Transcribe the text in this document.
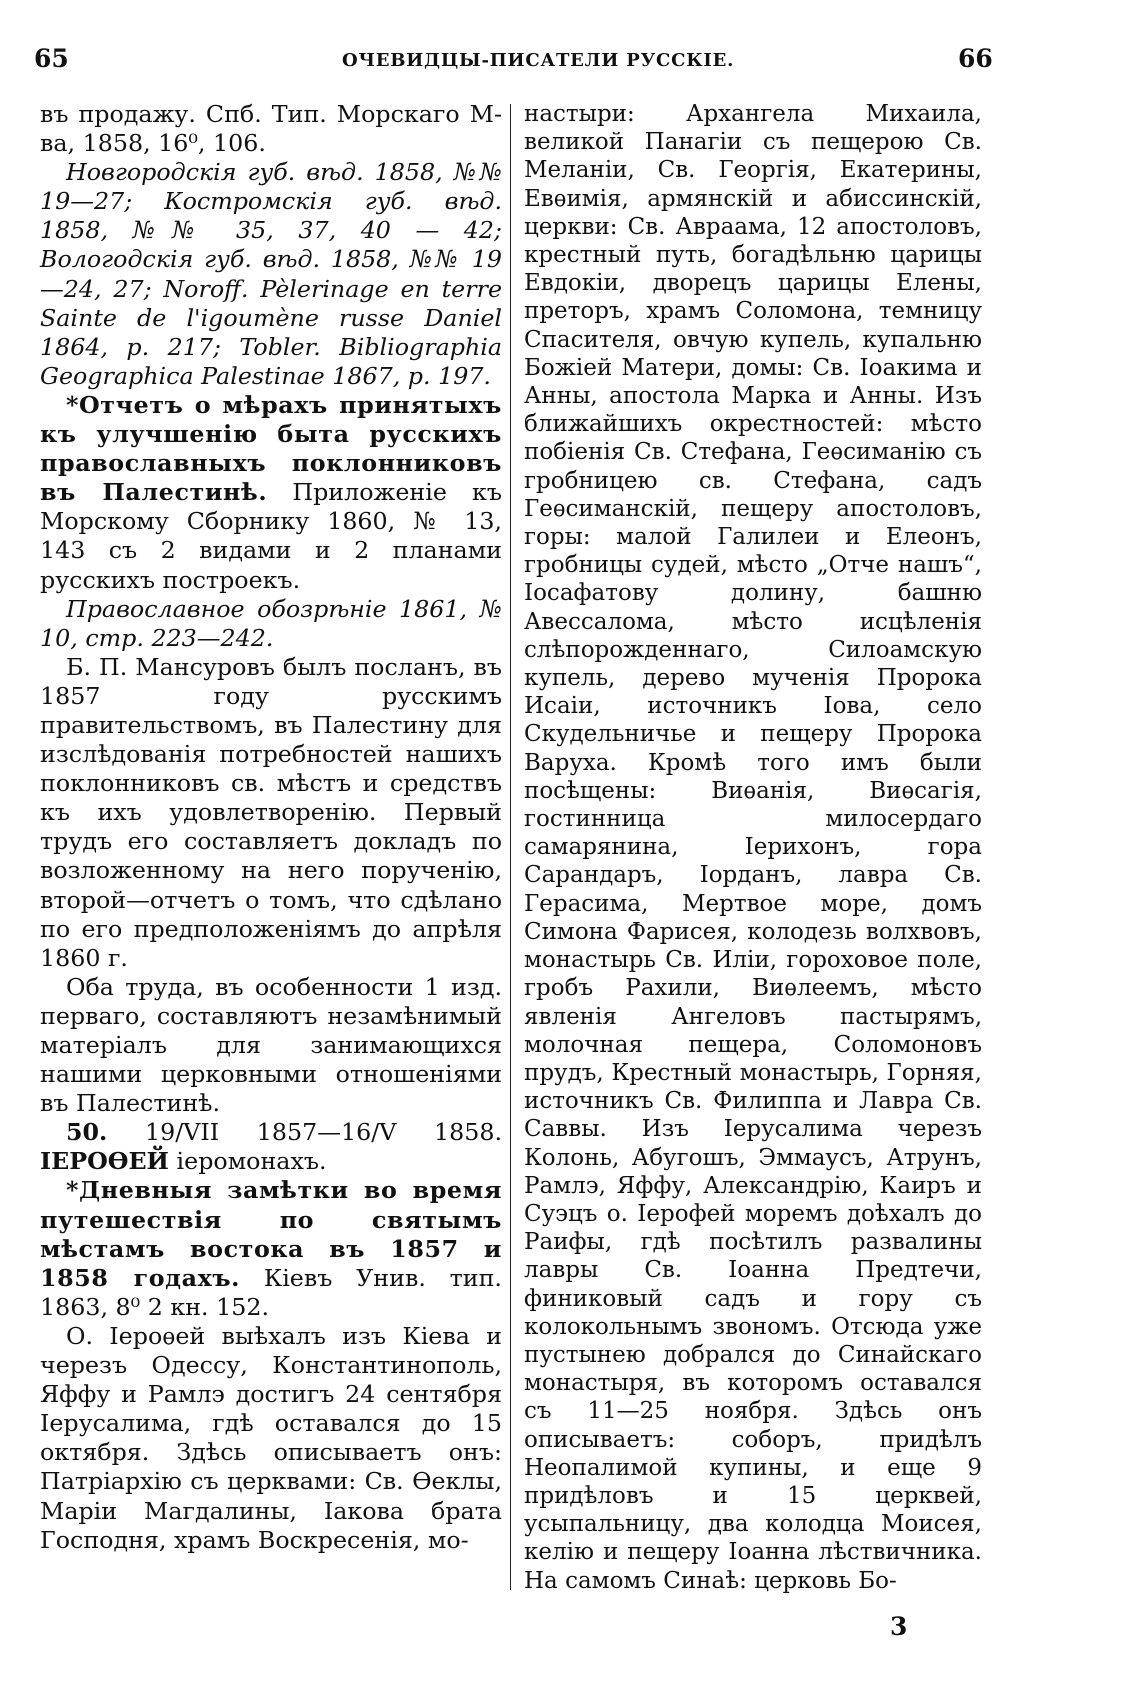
65	ОЧЕВИДЦЫ-ПИСАТЕЛИ РУССКІЕ.	66

въ продажу. Спб. Тип. Морскаго М-ва, 1858, 16⁰, 106.

Новгородскія губ. вѣд. 1858, №№ 19—27; Костромскія губ. вѣд. 1858, №№ 35, 37, 40 — 42; Вологодскія губ. вѣд. 1858, №№ 19—24, 27; Noroff. Pèlerinage en terre Sainte de l'igoumène russe Daniel 1864, p. 217; Tobler. Bibliographia Geographica Palestinae 1867, p. 197.

*Отчетъ о мѣрахъ принятыхъ къ улучшенію быта русскихъ православныхъ поклонниковъ въ Палестинѣ. Приложеніе къ Морскому Сборнику 1860, № 13, 143 съ 2 видами и 2 планами русскихъ построекъ.

Православное обозрѣніе 1861, № 10, стр. 223—242.

Б. П. Мансуровъ былъ посланъ, въ 1857 году русскимъ правительствомъ, въ Палестину для изслѣдованія потребностей нашихъ поклонниковъ св. мѣстъ и средствъ къ ихъ удовлетворенію. Первый трудъ его составляетъ докладъ по возложенному на него порученію, второй—отчетъ о томъ, что сдѣлано по его предположеніямъ до апрѣля 1860 г.

Оба труда, въ особенности 1 изд. перваго, составляютъ незамѣнимый матеріалъ для занимающихся нашими церковными отношеніями въ Палестинѣ.

50. 19/VII 1857—16/V 1858. ІЕРОѲЕЙ іеромонахъ.

*Дневныя замѣтки во время путешествія по святымъ мѣстамъ востока въ 1857 и 1858 годахъ. Кіевъ Унив. тип. 1863, 8⁰ 2 кн. 152.

О. Іероѳей выѣхалъ изъ Кіева и черезъ Одессу, Константинополь, Яффу и Рамлэ достигъ 24 сентября Іерусалима, гдѣ оставался до 15 октября. Здѣсь описываетъ онъ: Патріархію съ церквами: Св. Ѳеклы, Маріи Магдалины, Іакова брата Господня, храмъ Воскресенія, мо-

настыри: Архангела Михаила, великой Панагіи съ пещерою Св. Меланіи, Св. Георгія, Екатерины, Евѳимія, армянскій и абиссинскій, церкви: Св. Авраама, 12 апостоловъ, крестный путь, богадѣльню царицы Евдокіи, дворецъ царицы Елены, преторъ, храмъ Соломона, темницу Спасителя, овчую купель, купальню Божіей Матери, домы: Св. Іоакима и Анны, апостола Марка и Анны. Изъ ближайшихъ окрестностей: мѣсто побіенія Св. Стефана, Геѳсиманію съ гробницею св. Стефана, садъ Геѳсиманскій, пещеру апостоловъ, горы: малой Галилеи и Елеонъ, гробницы судей, мѣсто „Отче нашъ“, Іосафатову долину, башню Авессалома, мѣсто исцѣленія слѣпорожденнаго, Силоамскую купель, дерево мученія Пророка Исаіи, источникъ Іова, село Скудельничье и пещеру Пророка Варуха. Кромѣ того имъ были посѣщены: Виѳанія, Виѳсагія, гостинница милосердаго самарянина, Іерихонъ, гора Сарандаръ, Іорданъ, лавра Св. Герасима, Мертвое море, домъ Симона Фарисея, колодезь волхвовъ, монастырь Св. Иліи, гороховое поле, гробъ Рахили, Виѳлеемъ, мѣсто явленія Ангеловъ пастырямъ, молочная пещера, Соломоновъ прудъ, Крестный монастырь, Горняя, источникъ Св. Филиппа и Лавра Св. Саввы. Изъ Іерусалима черезъ Колонь, Абугошъ, Эммаусъ, Атрунъ, Рамлэ, Яффу, Александрію, Каиръ и Суэцъ о. Іерофей моремъ доѣхалъ до Раифы, гдѣ посѣтилъ развалины лавры Св. Іоанна Предтечи, финиковый садъ и гору съ колокольнымъ звономъ. Отсюда уже пустынею добрался до Синайскаго монастыря, въ которомъ оставался съ 11—25 ноября. Здѣсь онъ описываетъ: соборъ, придѣлъ Неопалимой купины, и еще 9 придѣловъ и 15 церквей, усыпальницу, два колодца Моисея, келію и пещеру Іоанна лѣствичника. На самомъ Синаѣ: церковь Бо-

3
